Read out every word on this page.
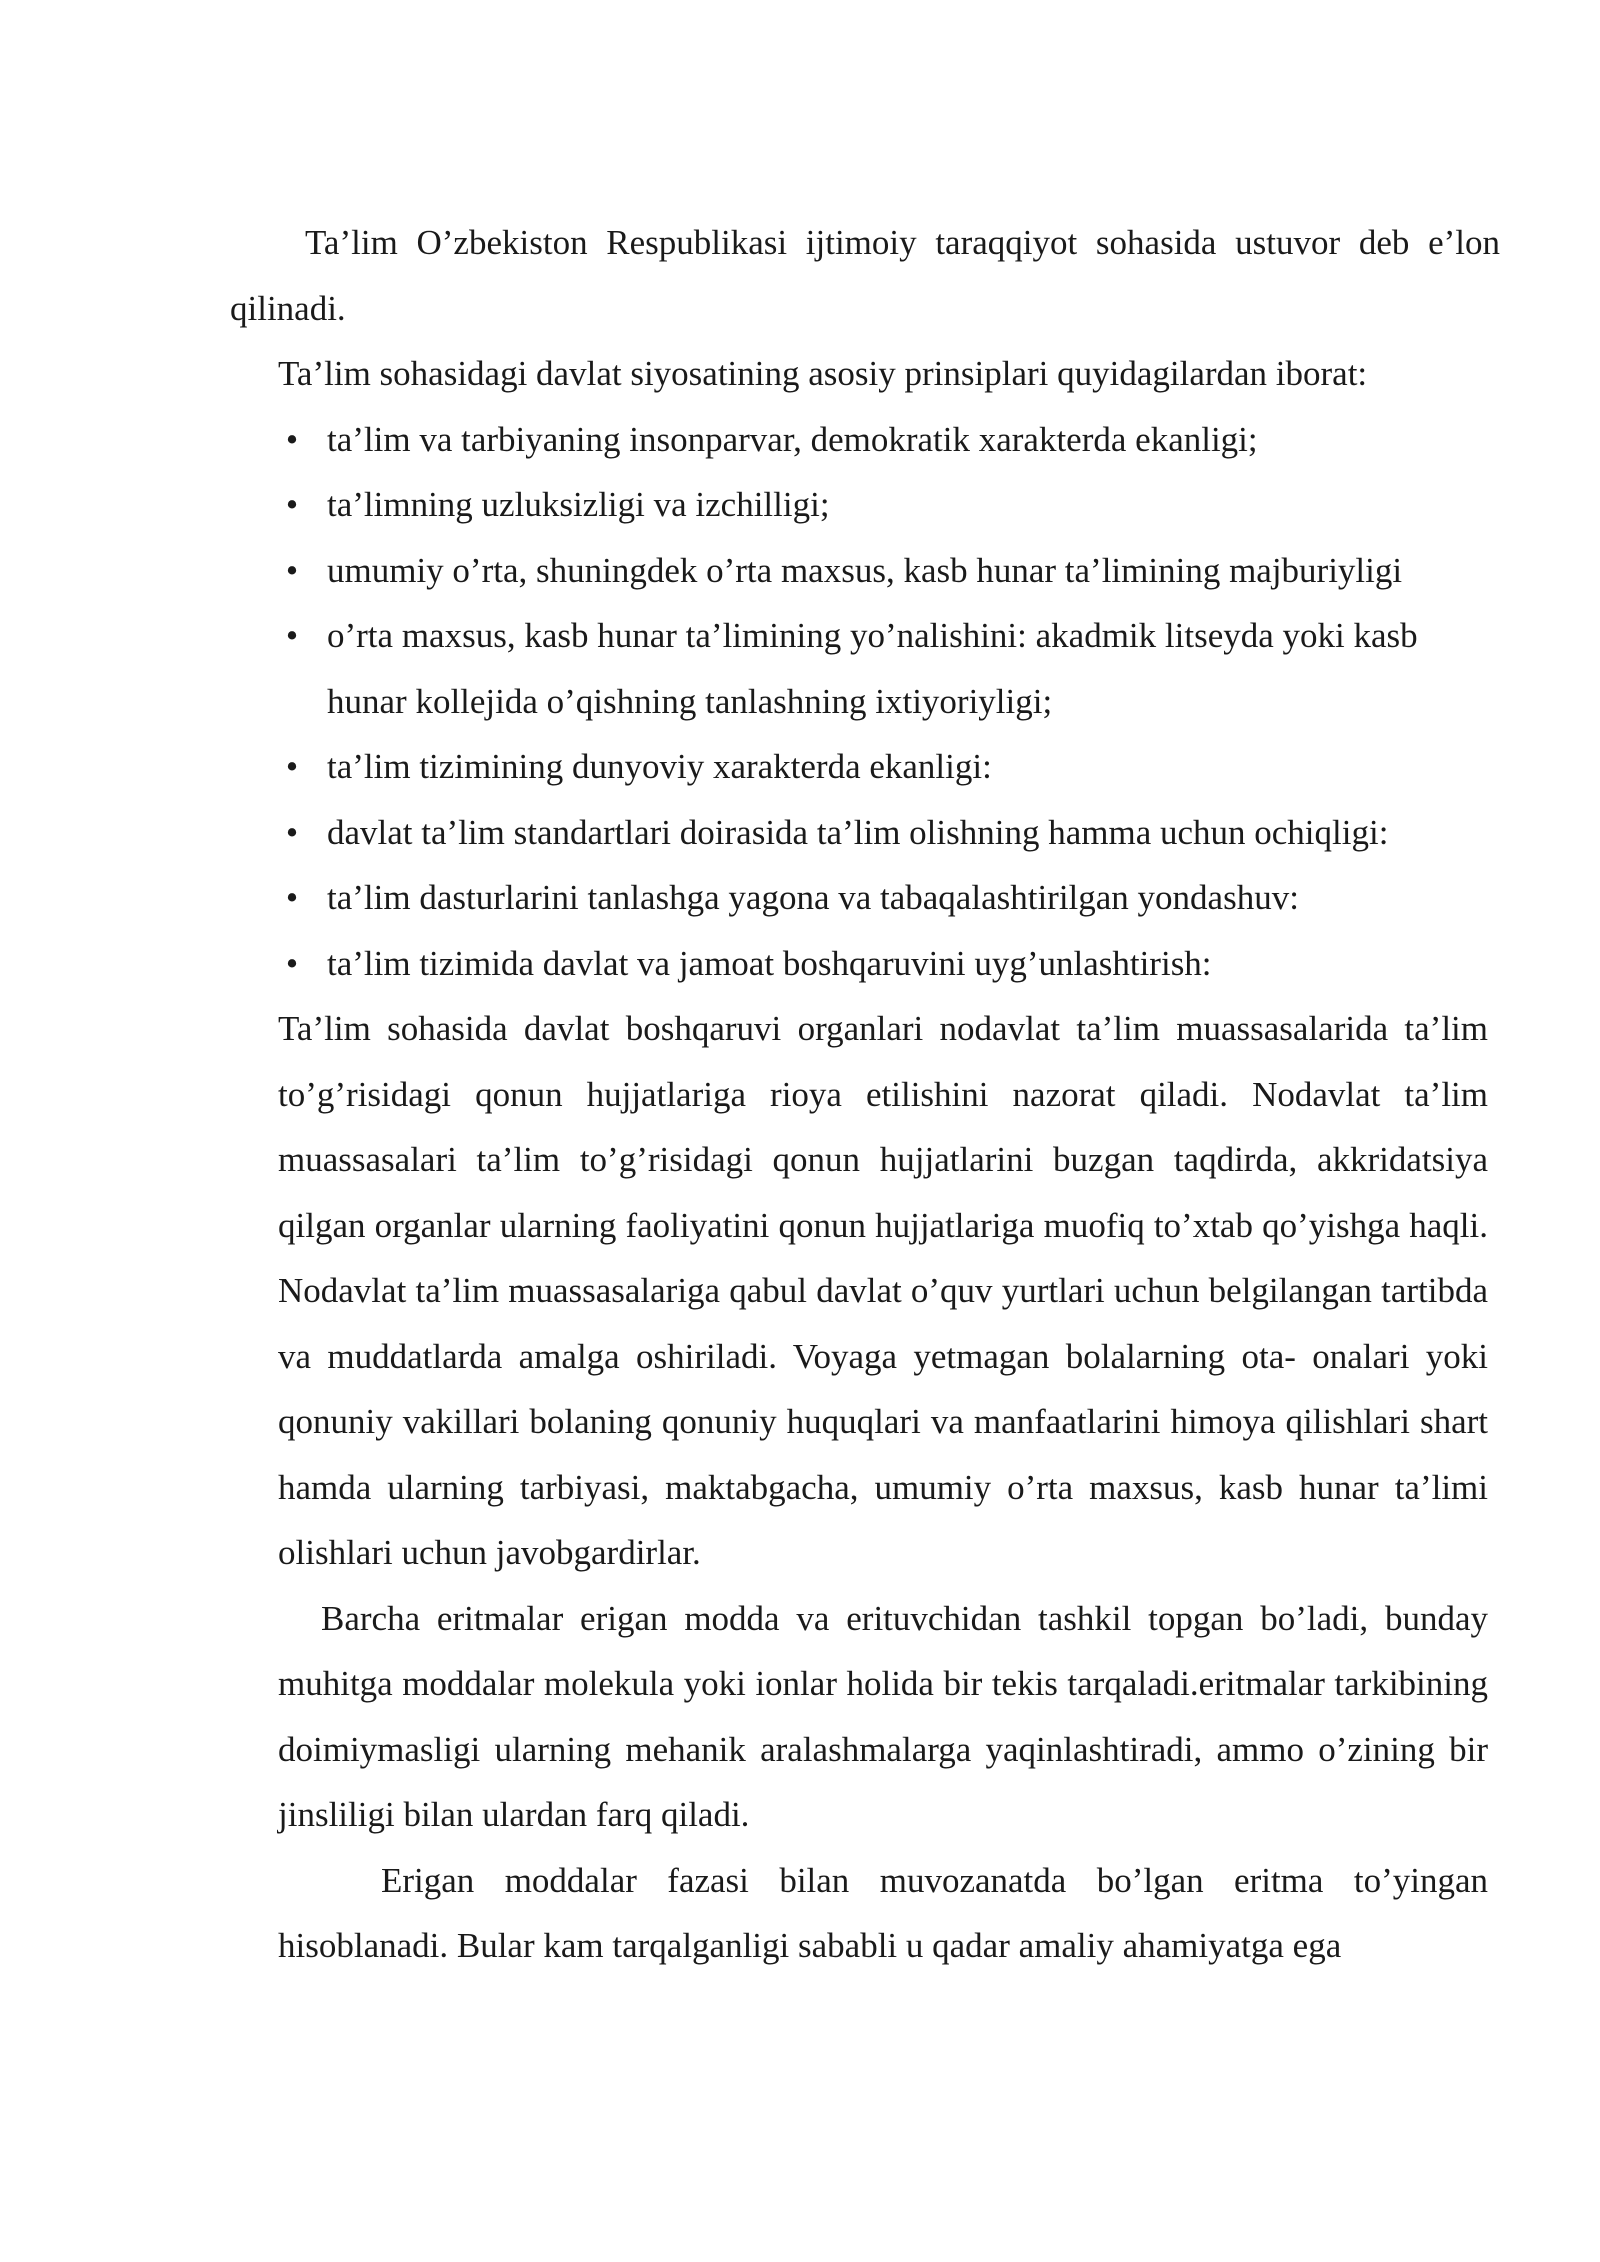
Ta’lim O’zbekiston Respublikasi ijtimoiy taraqqiyot sohasida ustuvor deb e’lon qilinadi.

Ta’lim sohasidagi davlat siyosatining asosiy prinsiplari quyidagilardan iborat:

• ta’lim va tarbiyaning insonparvar, demokratik xarakterda ekanligi;
• ta’limning uzluksizligi va izchilligi;
• umumiy o’rta, shuningdek o’rta maxsus, kasb hunar ta’limining majburiyligi
• o’rta maxsus, kasb hunar ta’limining yo’nalishini: akadmik litseyda yoki kasb hunar kollejida o’qishning tanlashning ixtiyoriyligi;
• ta’lim tizimining dunyoviy xarakterda ekanligi:
• davlat ta’lim standartlari doirasida ta’lim olishning hamma uchun ochiqligi:
• ta’lim dasturlarini tanlashga yagona va tabaqalashtirilgan yondashuv:
• ta’lim tizimida davlat va jamoat boshqaruvini uyg’unlashtirish:

Ta’lim sohasida davlat boshqaruvi organlari nodavlat ta’lim muassasalarida ta’lim to’g’risidagi qonun hujjatlariga rioya etilishini nazorat qiladi. Nodavlat ta’lim muassasalari ta’lim to’g’risidagi qonun hujjatlarini buzgan taqdirda, akkridatsiya qilgan organlar ularning faoliyatini qonun hujjatlariga muofiq to’xtab qo’yishga haqli. Nodavlat ta’lim muassasalariga qabul davlat o’quv yurtlari uchun belgilangan tartibda va muddatlarda amalga oshiriladi. Voyaga yetmagan bolalarning ota- onalari yoki qonuniy vakillari bolaning qonuniy huquqlari va manfaatlarini himoya qilishlari shart hamda ularning tarbiyasi, maktabgacha, umumiy o’rta maxsus, kasb hunar ta’limi olishlari uchun javobgardirlar.

Barcha eritmalar erigan modda va erituvchidan tashkil topgan bo’ladi, bunday muhitga moddalar molekula yoki ionlar holida bir tekis tarqaladi.eritmalar tarkibining doimiymasligi ularning mehanik aralashmalarga yaqinlashtiradi, ammo o’zining bir jinsliligi bilan ulardan farq qiladi.

Erigan moddalar fazasi bilan muvozanatda bo’lgan eritma to’yingan hisoblanadi. Bular kam tarqalganligi sababli u qadar amaliy ahamiyatga ega
